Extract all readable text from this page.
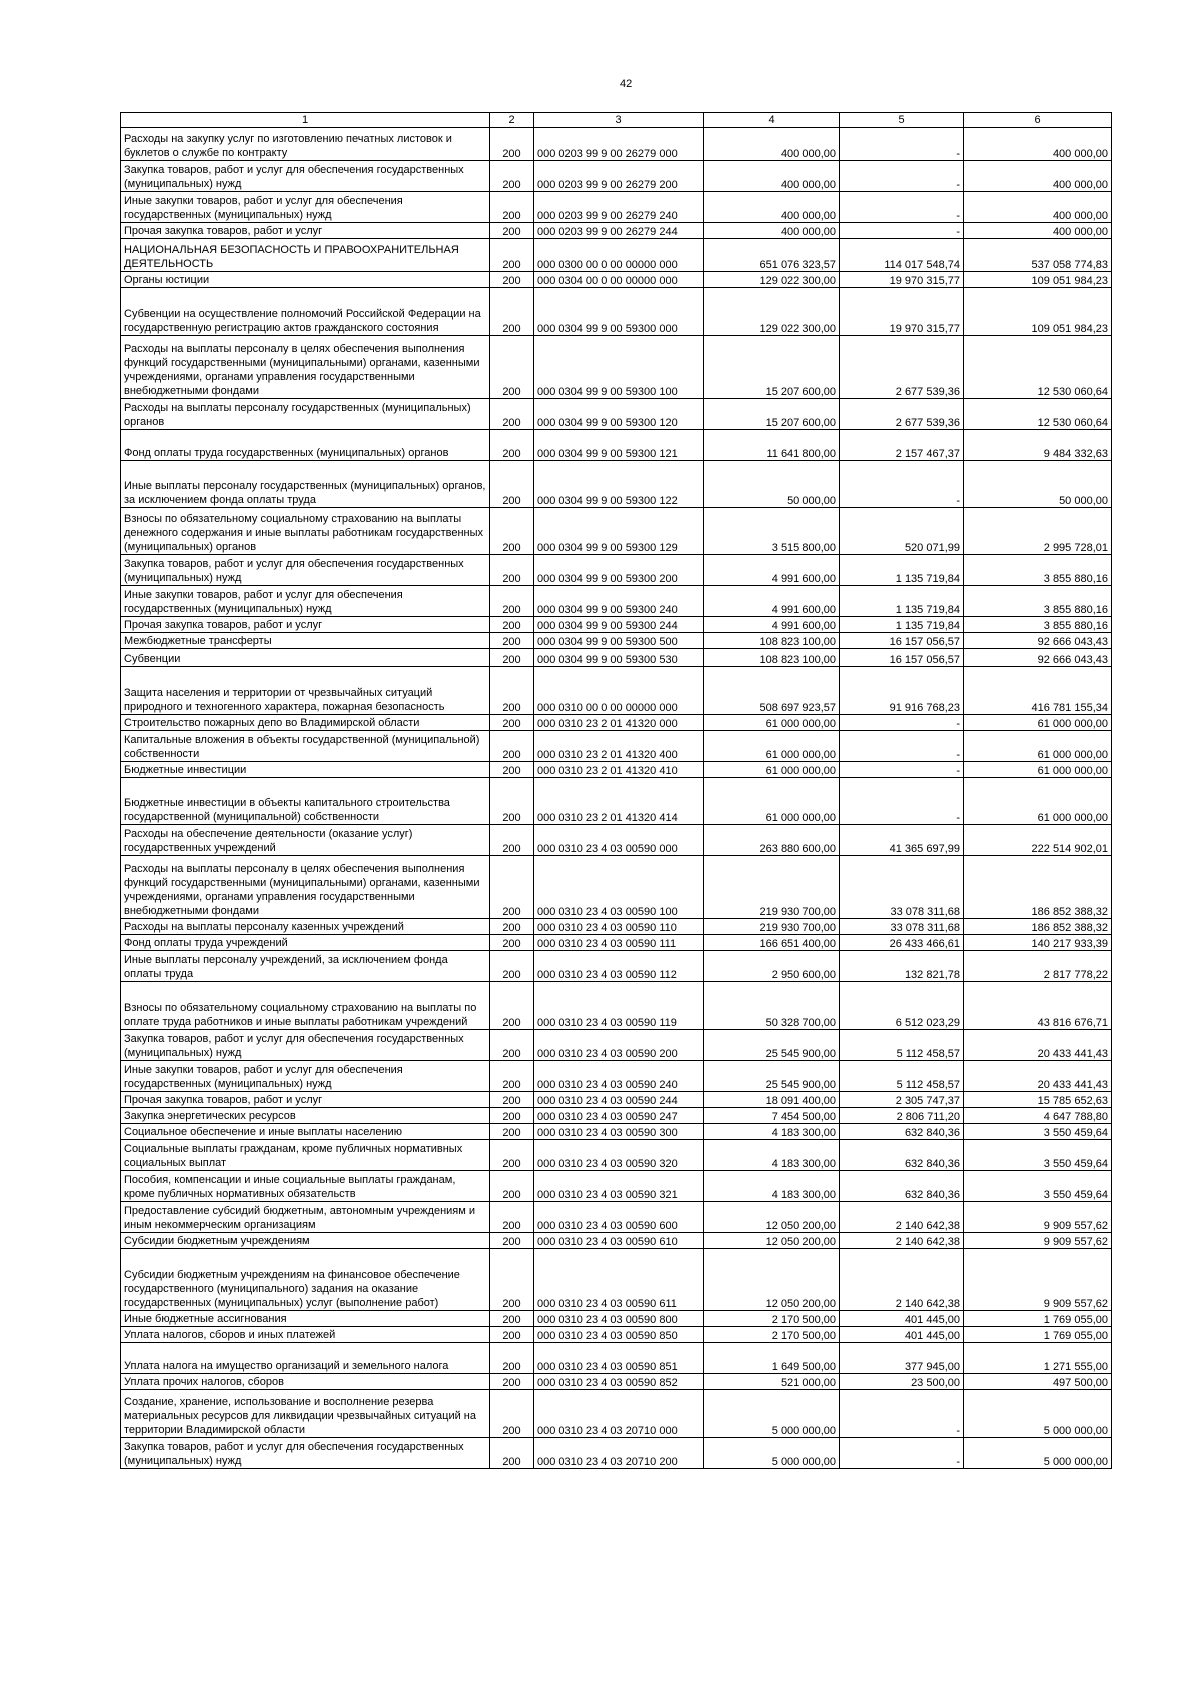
42
1	2	3	4	5	6
Расходы на закупку услуг по изготовлению печатных листовок и буклетов о службе по контракту	200	000 0203 99 9 00 26279 000	400 000,00	-	400 000,00
Закупка товаров, работ и услуг для обеспечения государственных (муниципальных) нужд	200	000 0203 99 9 00 26279 200	400 000,00	-	400 000,00
Иные закупки товаров, работ и услуг для обеспечения государственных (муниципальных) нужд	200	000 0203 99 9 00 26279 240	400 000,00	-	400 000,00
Прочая закупка товаров, работ и услуг	200	000 0203 99 9 00 26279 244	400 000,00	-	400 000,00
НАЦИОНАЛЬНАЯ БЕЗОПАСНОСТЬ И ПРАВООХРАНИТЕЛЬНАЯ ДЕЯТЕЛЬНОСТЬ	200	000 0300 00 0 00 00000 000	651 076 323,57	114 017 548,74	537 058 774,83
Органы юстиции	200	000 0304 00 0 00 00000 000	129 022 300,00	19 970 315,77	109 051 984,23
Субвенции на осуществление полномочий Российской Федерации на государственную регистрацию актов гражданского состояния	200	000 0304 99 9 00 59300 000	129 022 300,00	19 970 315,77	109 051 984,23
Расходы на выплаты персоналу в целях обеспечения выполнения функций государственными (муниципальными) органами, казенными учреждениями, органами управления государственными внебюджетными фондами	200	000 0304 99 9 00 59300 100	15 207 600,00	2 677 539,36	12 530 060,64
Расходы на выплаты персоналу государственных (муниципальных) органов	200	000 0304 99 9 00 59300 120	15 207 600,00	2 677 539,36	12 530 060,64
Фонд оплаты труда государственных (муниципальных) органов	200	000 0304 99 9 00 59300 121	11 641 800,00	2 157 467,37	9 484 332,63
Иные выплаты персоналу государственных (муниципальных) органов, за исключением фонда оплаты труда	200	000 0304 99 9 00 59300 122	50 000,00	-	50 000,00
Взносы по обязательному социальному страхованию на выплаты денежного содержания и иные выплаты работникам государственных (муниципальных) органов	200	000 0304 99 9 00 59300 129	3 515 800,00	520 071,99	2 995 728,01
Закупка товаров, работ и услуг для обеспечения государственных (муниципальных) нужд	200	000 0304 99 9 00 59300 200	4 991 600,00	1 135 719,84	3 855 880,16
Иные закупки товаров, работ и услуг для обеспечения государственных (муниципальных) нужд	200	000 0304 99 9 00 59300 240	4 991 600,00	1 135 719,84	3 855 880,16
Прочая закупка товаров, работ и услуг	200	000 0304 99 9 00 59300 244	4 991 600,00	1 135 719,84	3 855 880,16
Межбюджетные трансферты	200	000 0304 99 9 00 59300 500	108 823 100,00	16 157 056,57	92 666 043,43
Субвенции	200	000 0304 99 9 00 59300 530	108 823 100,00	16 157 056,57	92 666 043,43
Защита населения и территории от чрезвычайных ситуаций природного и техногенного характера, пожарная безопасность	200	000 0310 00 0 00 00000 000	508 697 923,57	91 916 768,23	416 781 155,34
Строительство пожарных депо во Владимирской области	200	000 0310 23 2 01 41320 000	61 000 000,00	-	61 000 000,00
Капитальные вложения в объекты государственной (муниципальной) собственности	200	000 0310 23 2 01 41320 400	61 000 000,00	-	61 000 000,00
Бюджетные инвестиции	200	000 0310 23 2 01 41320 410	61 000 000,00	-	61 000 000,00
Бюджетные инвестиции в объекты капитального строительства государственной (муниципальной) собственности	200	000 0310 23 2 01 41320 414	61 000 000,00	-	61 000 000,00
Расходы на обеспечение деятельности (оказание услуг) государственных учреждений	200	000 0310 23 4 03 00590 000	263 880 600,00	41 365 697,99	222 514 902,01
Расходы на выплаты персоналу в целях обеспечения выполнения функций государственными (муниципальными) органами, казенными учреждениями, органами управления государственными внебюджетными фондами	200	000 0310 23 4 03 00590 100	219 930 700,00	33 078 311,68	186 852 388,32
Расходы на выплаты персоналу казенных учреждений	200	000 0310 23 4 03 00590 110	219 930 700,00	33 078 311,68	186 852 388,32
Фонд оплаты труда учреждений	200	000 0310 23 4 03 00590 111	166 651 400,00	26 433 466,61	140 217 933,39
Иные выплаты персоналу учреждений, за исключением фонда оплаты труда	200	000 0310 23 4 03 00590 112	2 950 600,00	132 821,78	2 817 778,22
Взносы по обязательному социальному страхованию на выплаты по оплате труда работников и иные выплаты работникам учреждений	200	000 0310 23 4 03 00590 119	50 328 700,00	6 512 023,29	43 816 676,71
Закупка товаров, работ и услуг для обеспечения государственных (муниципальных) нужд	200	000 0310 23 4 03 00590 200	25 545 900,00	5 112 458,57	20 433 441,43
Иные закупки товаров, работ и услуг для обеспечения государственных (муниципальных) нужд	200	000 0310 23 4 03 00590 240	25 545 900,00	5 112 458,57	20 433 441,43
Прочая закупка товаров, работ и услуг	200	000 0310 23 4 03 00590 244	18 091 400,00	2 305 747,37	15 785 652,63
Закупка энергетических ресурсов	200	000 0310 23 4 03 00590 247	7 454 500,00	2 806 711,20	4 647 788,80
Социальное обеспечение и иные выплаты населению	200	000 0310 23 4 03 00590 300	4 183 300,00	632 840,36	3 550 459,64
Социальные выплаты гражданам, кроме публичных нормативных социальных выплат	200	000 0310 23 4 03 00590 320	4 183 300,00	632 840,36	3 550 459,64
Пособия, компенсации и иные социальные выплаты гражданам, кроме публичных нормативных обязательств	200	000 0310 23 4 03 00590 321	4 183 300,00	632 840,36	3 550 459,64
Предоставление субсидий бюджетным, автономным учреждениям и иным некоммерческим организациям	200	000 0310 23 4 03 00590 600	12 050 200,00	2 140 642,38	9 909 557,62
Субсидии бюджетным учреждениям	200	000 0310 23 4 03 00590 610	12 050 200,00	2 140 642,38	9 909 557,62
Субсидии бюджетным учреждениям на финансовое обеспечение государственного (муниципального) задания на оказание государственных (муниципальных) услуг (выполнение работ)	200	000 0310 23 4 03 00590 611	12 050 200,00	2 140 642,38	9 909 557,62
Иные бюджетные ассигнования	200	000 0310 23 4 03 00590 800	2 170 500,00	401 445,00	1 769 055,00
Уплата налогов, сборов и иных платежей	200	000 0310 23 4 03 00590 850	2 170 500,00	401 445,00	1 769 055,00
Уплата налога на имущество организаций и земельного налога	200	000 0310 23 4 03 00590 851	1 649 500,00	377 945,00	1 271 555,00
Уплата прочих налогов, сборов	200	000 0310 23 4 03 00590 852	521 000,00	23 500,00	497 500,00
Создание, хранение, использование и восполнение резерва материальных ресурсов для ликвидации чрезвычайных ситуаций на территории Владимирской области	200	000 0310 23 4 03 20710 000	5 000 000,00	-	5 000 000,00
Закупка товаров, работ и услуг для обеспечения государственных (муниципальных) нужд	200	000 0310 23 4 03 20710 200	5 000 000,00	-	5 000 000,00
